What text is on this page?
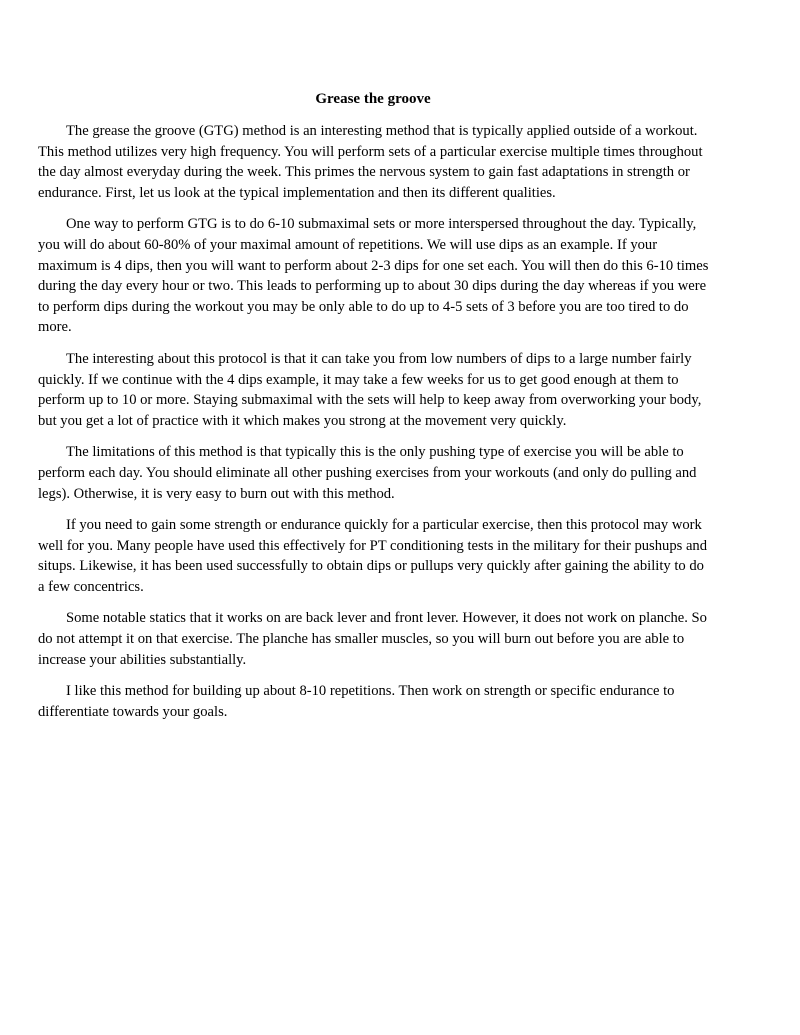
Grease the groove

The grease the groove (GTG) method is an interesting method that is typically applied outside of a workout. This method utilizes very high frequency. You will perform sets of a particular exercise multiple times throughout the day almost everyday during the week. This primes the nervous system to gain fast adaptations in strength or endurance. First, let us look at the typical implementation and then its different qualities.

One way to perform GTG is to do 6-10 submaximal sets or more interspersed throughout the day. Typically, you will do about 60-80% of your maximal amount of repetitions. We will use dips as an example. If your maximum is 4 dips, then you will want to perform about 2-3 dips for one set each. You will then do this 6-10 times during the day every hour or two. This leads to performing up to about 30 dips during the day whereas if you were to perform dips during the workout you may be only able to do up to 4-5 sets of 3 before you are too tired to do more.

The interesting about this protocol is that it can take you from low numbers of dips to a large number fairly quickly. If we continue with the 4 dips example, it may take a few weeks for us to get good enough at them to perform up to 10 or more. Staying submaximal with the sets will help to keep away from overworking your body, but you get a lot of practice with it which makes you strong at the movement very quickly.

The limitations of this method is that typically this is the only pushing type of exercise you will be able to perform each day. You should eliminate all other pushing exercises from your workouts (and only do pulling and legs). Otherwise, it is very easy to burn out with this method.

If you need to gain some strength or endurance quickly for a particular exercise, then this protocol may work well for you. Many people have used this effectively for PT conditioning tests in the military for their pushups and situps. Likewise, it has been used successfully to obtain dips or pullups very quickly after gaining the ability to do a few concentrics.

Some notable statics that it works on are back lever and front lever. However, it does not work on planche. So do not attempt it on that exercise. The planche has smaller muscles, so you will burn out before you are able to increase your abilities substantially.

I like this method for building up about 8-10 repetitions. Then work on strength or specific endurance to differentiate towards your goals.
